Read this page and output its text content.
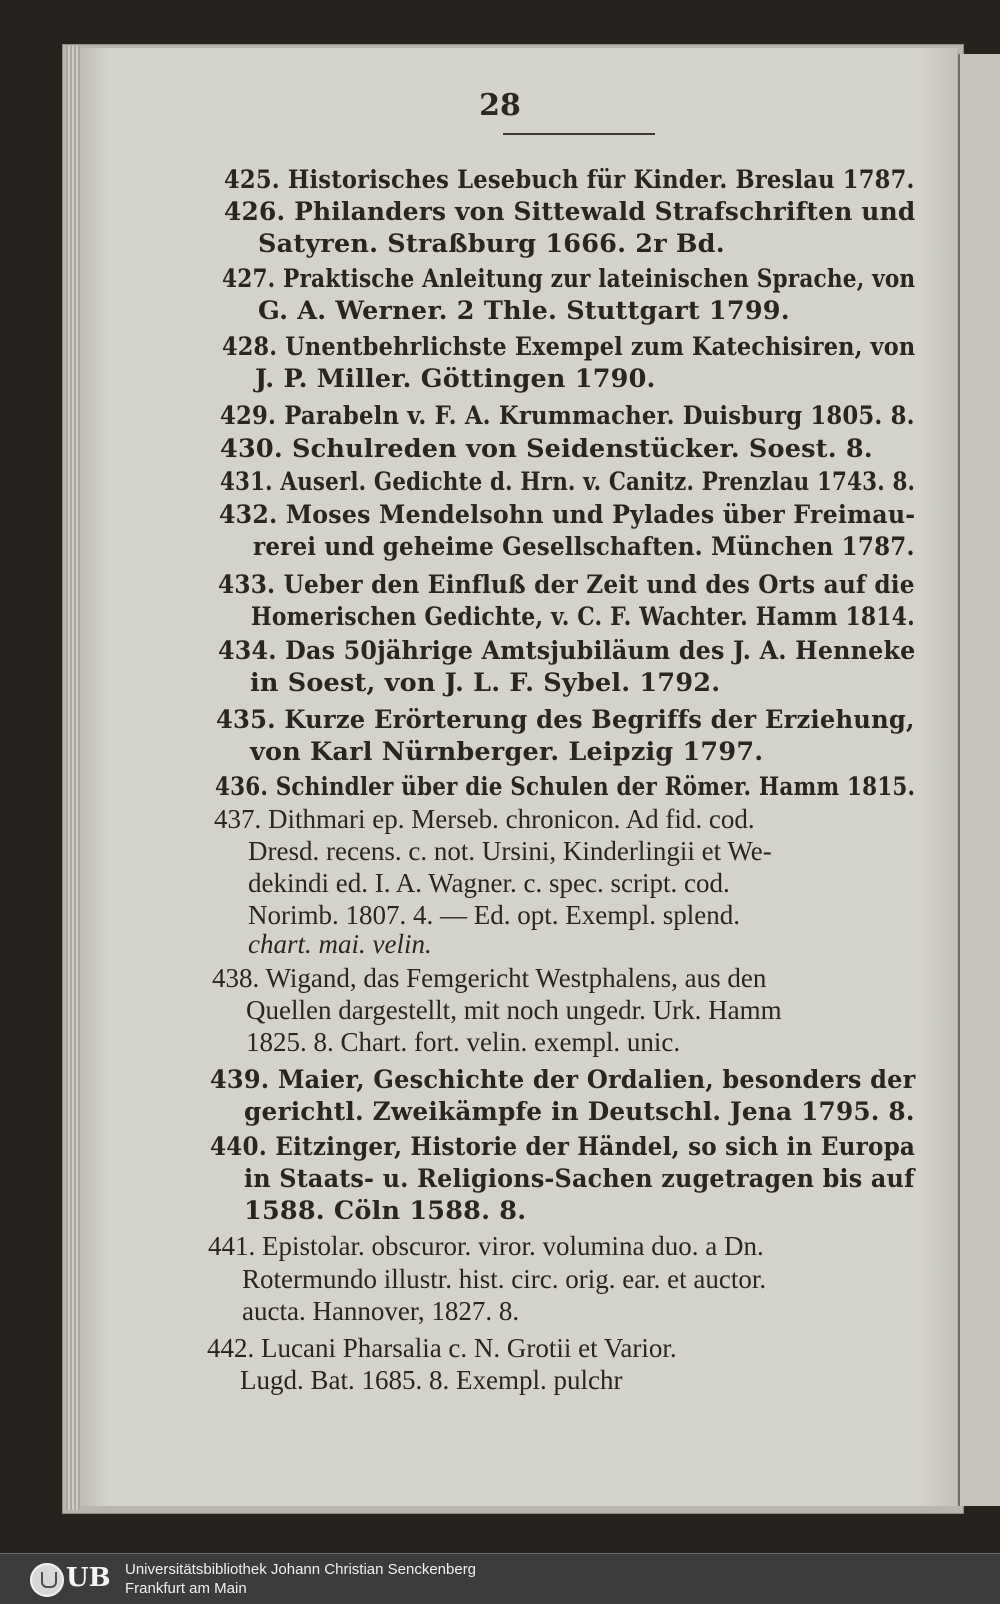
28
425. Historisches Lesebuch für Kinder. Breslau 1787.
426. Philanders von Sittewald Strafschriften und
Satyren. Straßburg 1666. 2r Bd.
427. Praktische Anleitung zur lateinischen Sprache, von
G. A. Werner. 2 Thle. Stuttgart 1799.
428. Unentbehrlichste Exempel zum Katechisiren, von
J. P. Miller. Göttingen 1790.
429. Parabeln v. F. A. Krummacher. Duisburg 1805. 8.
430. Schulreden von Seidenstücker. Soest. 8.
431. Auserl. Gedichte d. Hrn. v. Canitz. Prenzlau 1743. 8.
432. Moses Mendelsohn und Pylades über Freimau-
rerei und geheime Gesellschaften. München 1787.
433. Ueber den Einfluß der Zeit und des Orts auf die
Homerischen Gedichte, v. C. F. Wachter. Hamm 1814.
434. Das 50jährige Amtsjubiläum des J. A. Henneke
in Soest, von J. L. F. Sybel. 1792.
435. Kurze Erörterung des Begriffs der Erziehung,
von Karl Nürnberger. Leipzig 1797.
436. Schindler über die Schulen der Römer. Hamm 1815.
437. Dithmari ep. Merseb. chronicon. Ad fid. cod.
Dresd. recens. c. not. Ursini, Kinderlingii et We-
dekindi ed. I. A. Wagner. c. spec. script. cod.
Norimb. 1807. 4. — Ed. opt. Exempl. splend.
chart. mai. velin.
438. Wigand, das Femgericht Westphalens, aus den
Quellen dargestellt, mit noch ungedr. Urk. Hamm
1825. 8. Chart. fort. velin. exempl. unic.
439. Maier, Geschichte der Ordalien, besonders der
gerichtl. Zweikämpfe in Deutschl. Jena 1795. 8.
440. Eitzinger, Historie der Händel, so sich in Europa
in Staats- u. Religions-Sachen zugetragen bis auf
1588. Cöln 1588. 8.
441. Epistolar. obscuror. viror. volumina duo. a Dn.
Rotermundo illustr. hist. circ. orig. ear. et auctor.
aucta. Hannover, 1827. 8.
442. Lucani Pharsalia c. N. Grotii et Varior.
Lugd. Bat. 1685. 8. Exempl. pulchr
UB Universitätsbibliothek Johann Christian Senckenberg
Frankfurt am Main
